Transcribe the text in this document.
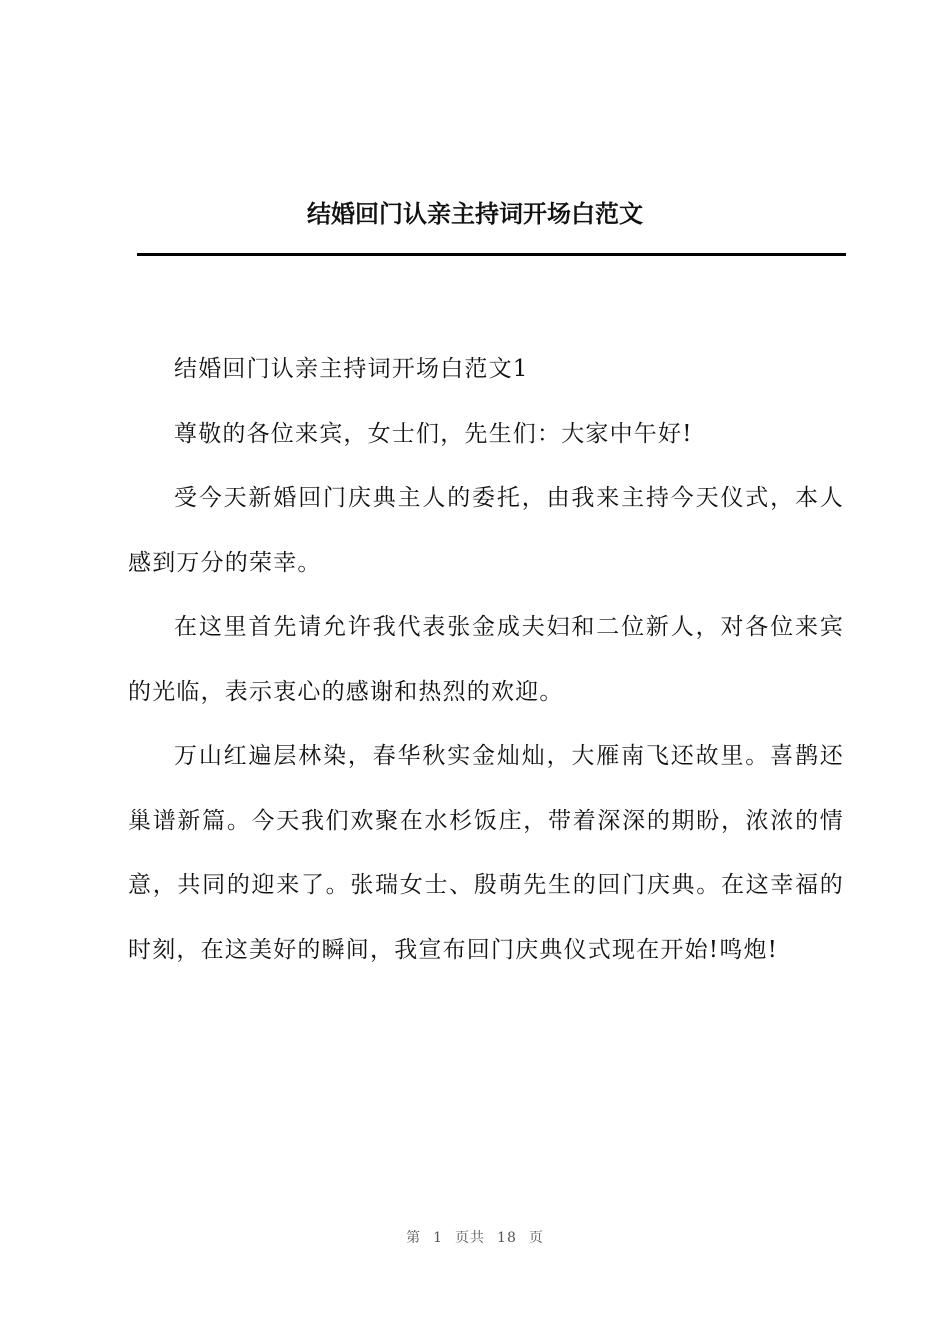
结婚回门认亲主持词开场白范文

结婚回门认亲主持词开场白范文1

尊敬的各位来宾，女士们，先生们：大家中午好!

受今天新婚回门庆典主人的委托，由我来主持今天仪式，本人感到万分的荣幸。

在这里首先请允许我代表张金成夫妇和二位新人，对各位来宾的光临，表示衷心的感谢和热烈的欢迎。

万山红遍层林染，春华秋实金灿灿，大雁南飞还故里。喜鹊还巢谱新篇。今天我们欢聚在水杉饭庄，带着深深的期盼，浓浓的情意，共同的迎来了。张瑞女士、殷萌先生的回门庆典。在这幸福的时刻，在这美好的瞬间，我宣布回门庆典仪式现在开始!鸣炮!

第 1 页共 18 页
